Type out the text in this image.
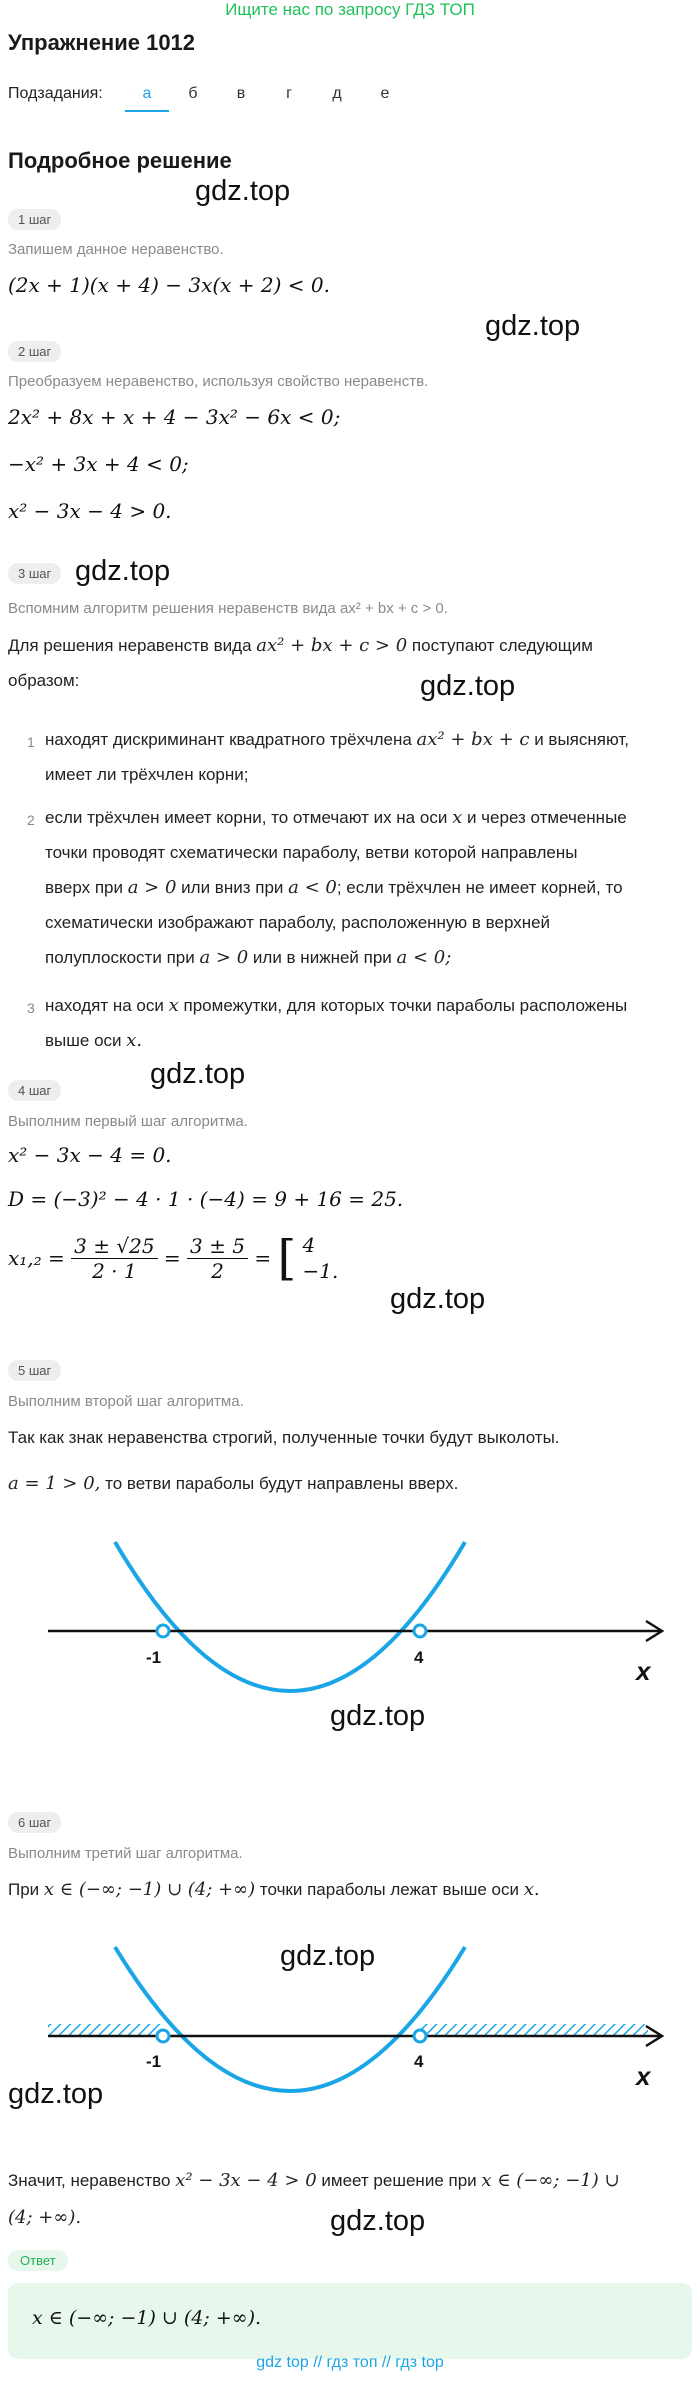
Ищите нас по запросу ГДЗ ТОП
Упражнение 1012
Подзадания:	а	б	в	г	д	е
Подробное решение
gdz.top
gdz.top
gdz.top
gdz.top
gdz.top
gdz.top
gdz.top
gdz.top
gdz.top
gdz.top
1 шаг
Запишем данное неравенство.
(2x + 1)(x + 4) − 3x(x + 2) < 0.
2 шаг
Преобразуем неравенство, используя свойство неравенств.
2x² + 8x + x + 4 − 3x² − 6x < 0;
−x² + 3x + 4 < 0;
x² − 3x − 4 > 0.
3 шаг
Вспомним алгоритм решения неравенств вида ax² + bx + c > 0.
Для решения неравенств вида ax² + bx + c > 0 поступают следующим
образом:
1 находят дискриминант квадратного трёхчлена ax² + bx + c и выясняют,
имеет ли трёхчлен корни;
2 если трёхчлен имеет корни, то отмечают их на оси x и через отмеченные
точки проводят схематически параболу, ветви которой направлены
вверх при a > 0 или вниз при a < 0; если трёхчлен не имеет корней, то
схематически изображают параболу, расположенную в верхней
полуплоскости при a > 0 или в нижней при a < 0;
3 находят на оси x промежутки, для которых точки параболы расположены
выше оси x.
4 шаг
Выполним первый шаг алгоритма.
x² − 3x − 4 = 0.
D = (−3)² − 4 · 1 · (−4) = 9 + 16 = 25.
$x_1,_2 = \frac{3 \pm √25}{2 \cdot 1} = \frac{3 \pm 5}{2}$ = [ 4
−1.
5 шаг
Выполним второй шаг алгоритма.
Так как знак неравенства строгий, полученные точки будут выколоты.
a = 1 > 0, то ветви параболы будут направлены вверх.
-1	4	x
6 шаг
Выполним третий шаг алгоритма.
При x ∈ (−∞; −1) ∪ (4; +∞) точки параболы лежат выше оси x.
-1	4	x
Значит, неравенство x² − 3x − 4 > 0 имеет решение при x ∈ (−∞; −1) ∪
(4; +∞).
Ответ
x ∈ (−∞; −1) ∪ (4; +∞).
gdz top // гдз топ // гдз top
